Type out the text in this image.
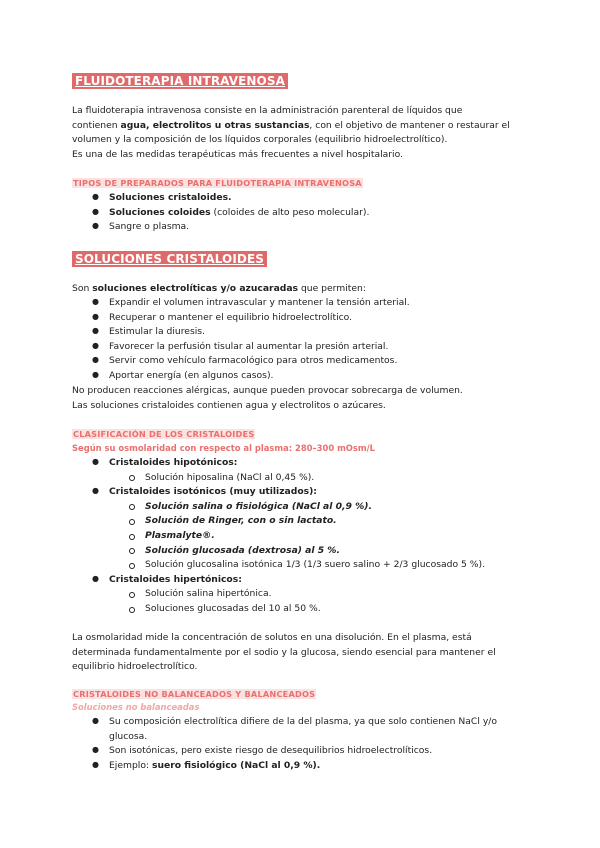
FLUIDOTERAPIA INTRAVENOSA
La fluidoterapia intravenosa consiste en la administración parenteral de líquidos que
contienen agua, electrolitos u otras sustancias, con el objetivo de mantener o restaurar el
volumen y la composición de los líquidos corporales (equilibrio hidroelectrolítico).
Es una de las medidas terapéuticas más frecuentes a nivel hospitalario.
TIPOS DE PREPARADOS PARA FLUIDOTERAPIA INTRAVENOSA
● Soluciones cristaloides.
● Soluciones coloides (coloides de alto peso molecular).
● Sangre o plasma.
SOLUCIONES CRISTALOIDES
Son soluciones electrolíticas y/o azucaradas que permiten:
● Expandir el volumen intravascular y mantener la tensión arterial.
● Recuperar o mantener el equilibrio hidroelectrolítico.
● Estimular la diuresis.
● Favorecer la perfusión tisular al aumentar la presión arterial.
● Servir como vehículo farmacológico para otros medicamentos.
● Aportar energía (en algunos casos).
No producen reacciones alérgicas, aunque pueden provocar sobrecarga de volumen.
Las soluciones cristaloides contienen agua y electrolitos o azúcares.
CLASIFICACIÓN DE LOS CRISTALOIDES
Según su osmolaridad con respecto al plasma: 280–300 mOsm/L
● Cristaloides hipotónicos:
Solución hiposalina (NaCl al 0,45 %).
● Cristaloides isotónicos (muy utilizados):
Solución salina o fisiológica (NaCl al 0,9 %).
Solución de Ringer, con o sin lactato.
Plasmalyte®.
Solución glucosada (dextrosa) al 5 %.
Solución glucosalina isotónica 1/3 (1/3 suero salino + 2/3 glucosado 5 %).
● Cristaloides hipertónicos:
Solución salina hipertónica.
Soluciones glucosadas del 10 al 50 %.
La osmolaridad mide la concentración de solutos en una disolución. En el plasma, está
determinada fundamentalmente por el sodio y la glucosa, siendo esencial para mantener el
equilibrio hidroelectrolítico.
CRISTALOIDES NO BALANCEADOS Y BALANCEADOS
Soluciones no balanceadas
● Su composición electrolítica difiere de la del plasma, ya que solo contienen NaCl y/o
glucosa.
● Son isotónicas, pero existe riesgo de desequilibrios hidroelectrolíticos.
● Ejemplo: suero fisiológico (NaCl al 0,9 %).
